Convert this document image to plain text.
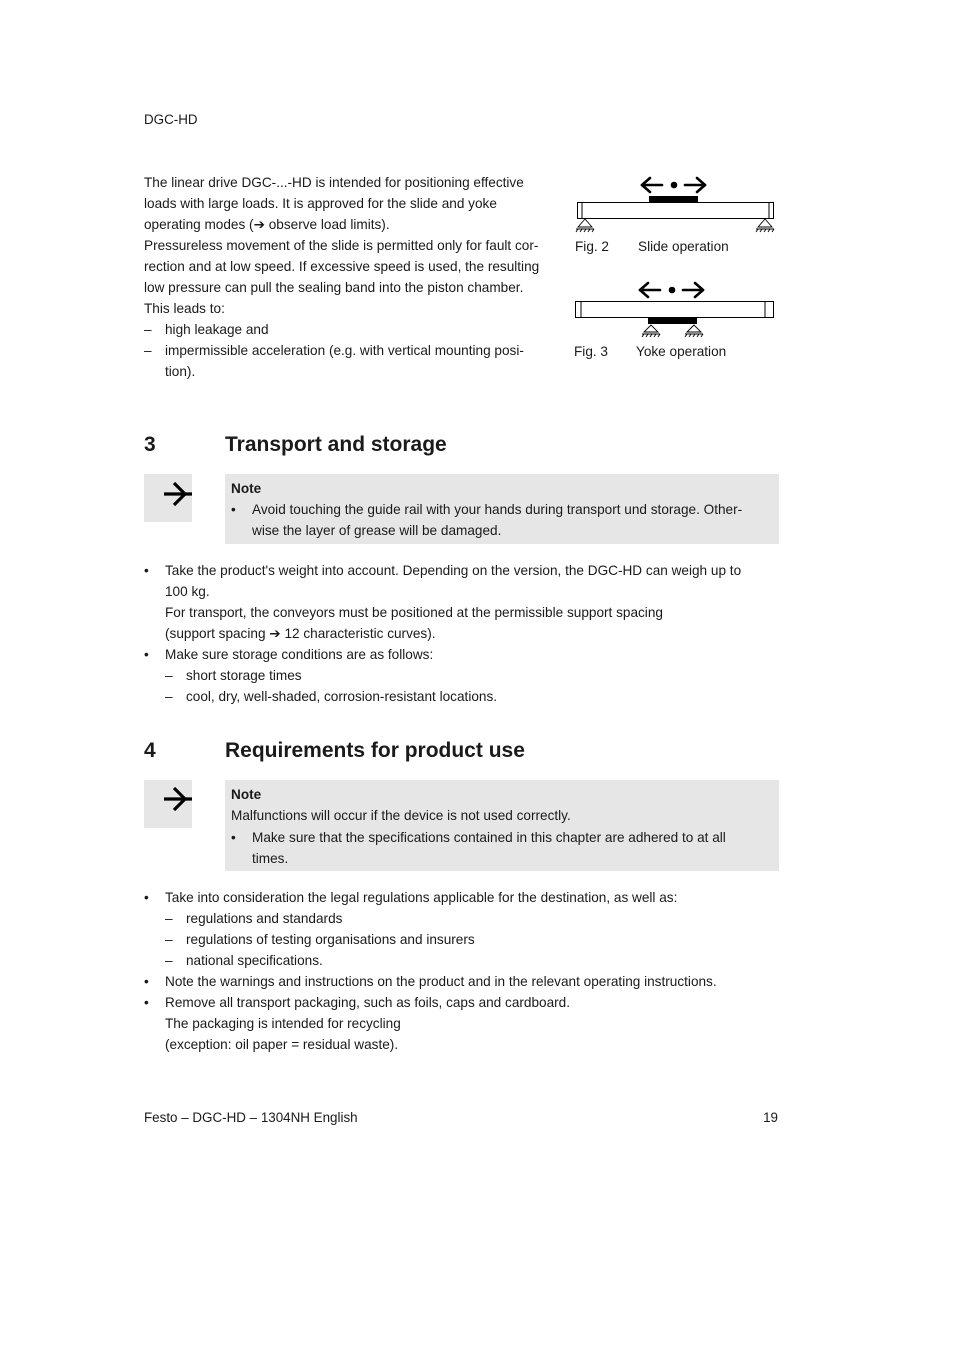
DGC-HD

The linear drive DGC-...-HD is intended for positioning effective

loads with large loads. It is approved for the slide and yoke

operating modes (➔ observe load limits).

Pressureless movement of the slide is permitted only for fault cor-

rection and at low speed. If excessive speed is used, the resulting

low pressure can pull the sealing band into the piston chamber.

This leads to:

– high leakage and
– impermissible acceleration (e.g. with vertical mounting posi-
tion).
Fig. 2 Slide operation
Fig. 3 Yoke operation
3	Transport and storage
Note
• Avoid touching the guide rail with your hands during transport und storage. Other-
wise the layer of grease will be damaged.
• Take the product's weight into account. Depending on the version, the DGC-HD can weigh up to
100 kg.
For transport, the conveyors must be positioned at the permissible support spacing
(support spacing ➔ 12 characteristic curves).
• Make sure storage conditions are as follows:
– short storage times
– cool, dry, well-shaded, corrosion-resistant locations.
4	Requirements for product use
Note
Malfunctions will occur if the device is not used correctly.
• Make sure that the specifications contained in this chapter are adhered to at all
times.
• Take into consideration the legal regulations applicable for the destination, as well as:
– regulations and standards
– regulations of testing organisations and insurers
– national specifications.
• Note the warnings and instructions on the product and in the relevant operating instructions.
• Remove all transport packaging, such as foils, caps and cardboard.
The packaging is intended for recycling
(exception: oil paper = residual waste).
Festo – DGC-HD – 1304NH English	19
